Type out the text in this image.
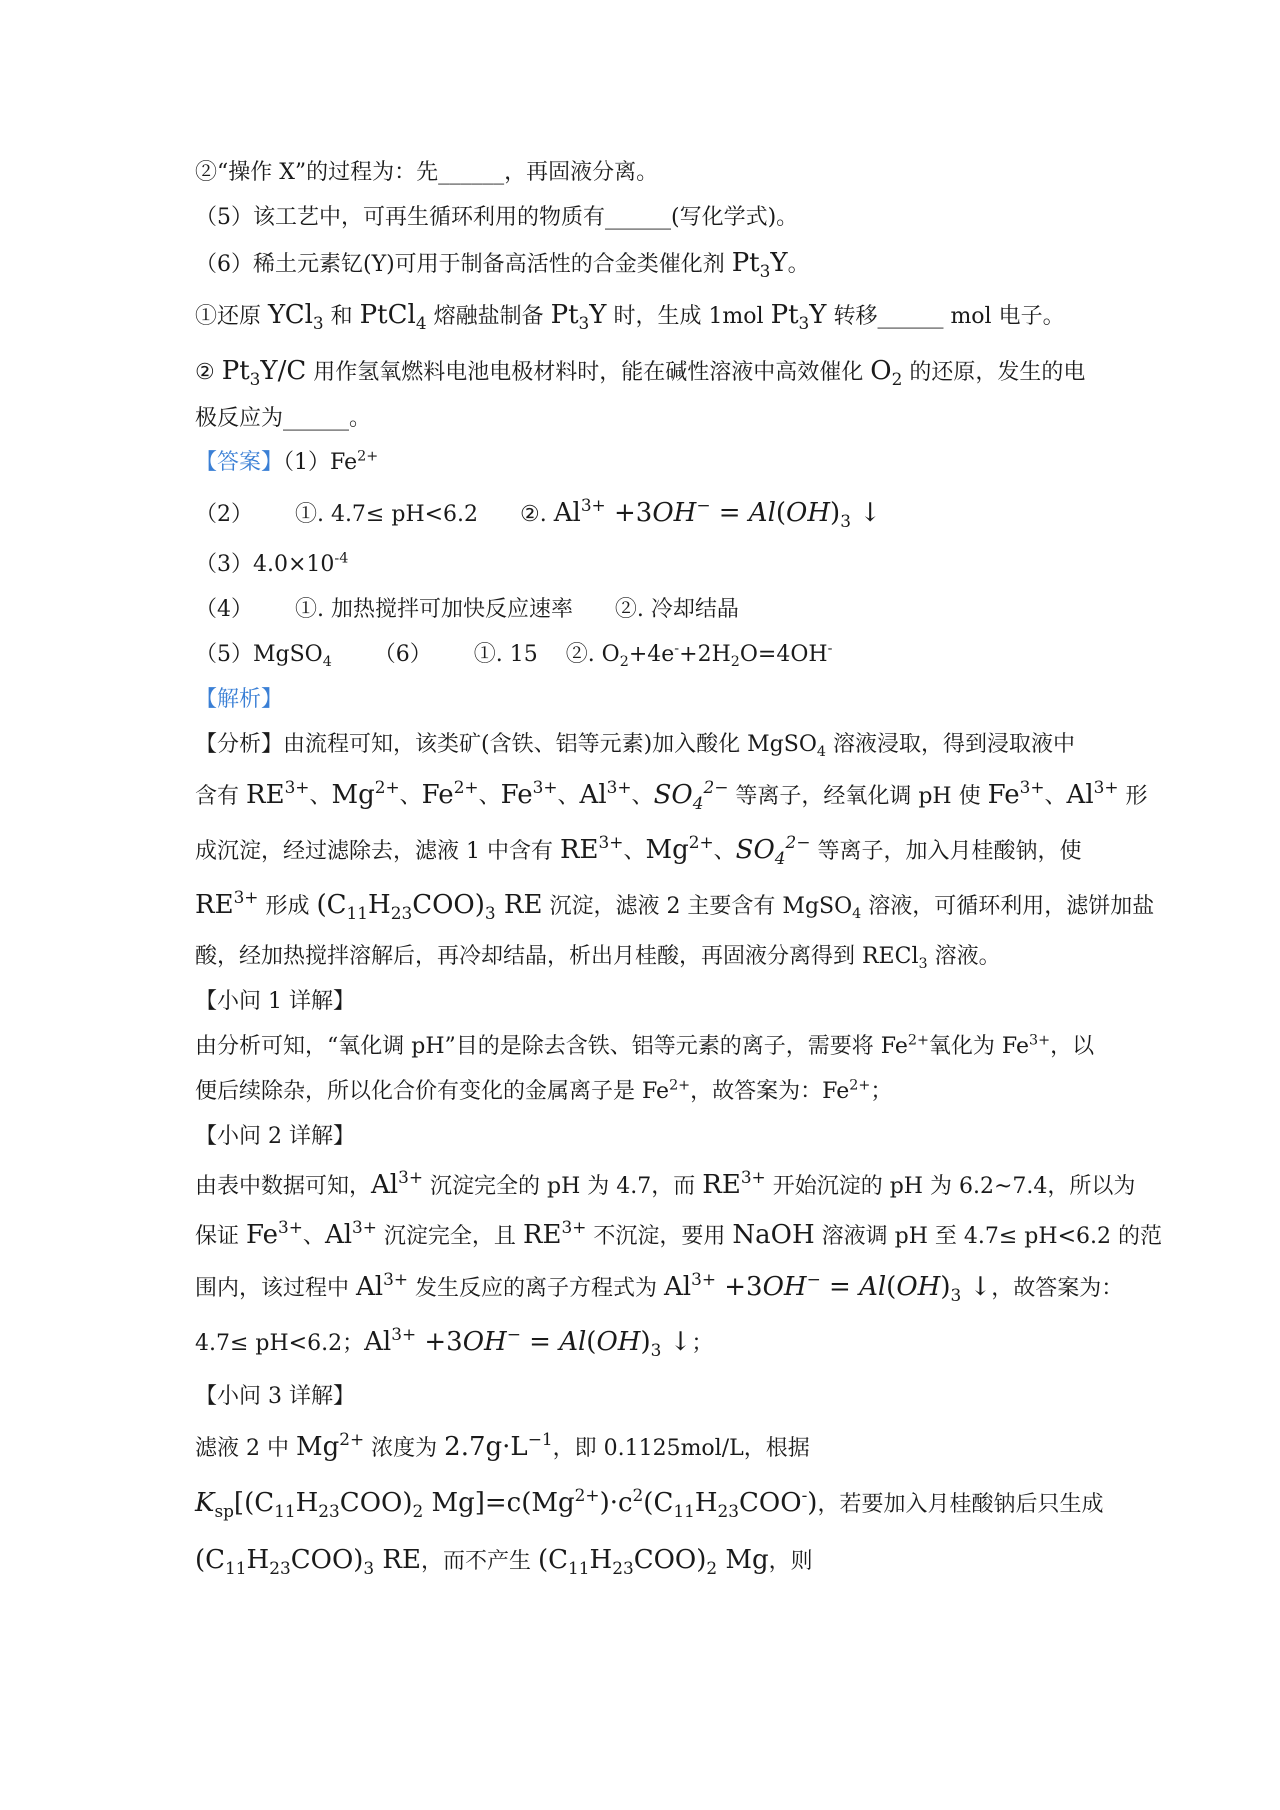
②“操作 X”的过程为：先______，再固液分离。
（5）该工艺中，可再生循环利用的物质有______(写化学式)。
（6）稀土元素钇(Y)可用于制备高活性的合金类催化剂 $Pt_3Y$。
①还原 YCl$_3$ 和 PtCl$_4$ 熔融盐制备 $Pt_3Y$ 时，生成 1mol $Pt_3Y$ 转移______ mol 电子。
② $Pt_3Y/C$ 用作氢氧燃料电池电极材料时，能在碱性溶液中高效催化 $O_2$ 的还原，发生的电
极反应为______。
【答案】$(1)Fe^{2+}$
（2）      ①. 4.7≤ pH<6.2      ②. $Al^{3+} +3OH^- = Al(OH)_3$ ↓
$(3)4.0\times 10^{-4}$
（4）      ①. 加热搅拌可加快反应速率      ②. 冷却结晶
（5）MgSO$_4$      （6）      ①. 15    ②. $O_2+4e^-+2H_2O=4OH^-$
【解析】
【分析】由流程可知，该类矿(含铁、铝等元素)加入酸化 MgSO$_4$ 溶液浸取，得到浸取液中
含有 $RE^{3+}$、$Mg^{2+}$、$Fe^{2+}$、$Fe^{3+}$、$Al^{3+}$、$SO_4^{2-}$ 等离子，经氧化调 pH 使 $Fe^{3+}$、$Al^{3+}$ 形
成沉淀，经过滤除去，滤液 1 中含有 $RE^{3+}$、$Mg^{2+}$、$SO_4^{2-}$ 等离子，加入月桂酸钠，使
$RE^{3+}$ 形成 $(C_{11}H_{23}COO)_3$ RE 沉淀，滤液 2 主要含有 MgSO$_4$ 溶液，可循环利用，滤饼加盐
酸，经加热搅拌溶解后，再冷却结晶，析出月桂酸，再固液分离得到 RECl$_3$ 溶液。
【小问 1 详解】
由分析可知，“氧化调 pH”目的是除去含铁、铝等元素的离子，需要将 $Fe^{2+}$氧化为 $Fe^{3+}$，以
便后续除杂，所以化合价有变化的金属离子是 $Fe^{2+}$，故答案为：$Fe^{2+}$；
【小问 2 详解】
由表中数据可知，$Al^{3+}$ 沉淀完全的 pH 为 4.7，而 $RE^{3+}$ 开始沉淀的 pH 为 6.2~7.4，所以为
保证 $Fe^{3+}$、$Al^{3+}$ 沉淀完全，且 $RE^{3+}$ 不沉淀，要用 NaOH 溶液调 pH 至 4.7≤ pH<6.2 的范
围内，该过程中 $Al^{3+}$ 发生反应的离子方程式为 $Al^{3+} +3OH^- = Al(OH)_3$ ↓，故答案为：
4.7≤ pH<6.2；$Al^{3+} +3OH^- = Al(OH)_3$ ↓；
【小问 3 详解】
滤液 2 中 $Mg^{2+}$ 浓度为 $2.7g\cdot L^{-1}$，即 0.1125mol/L，根据
$K_{sp}[(C_{11}H_{23}COO)_2$ $Mg]=c(Mg^{2+})\cdot c^2(C_{11}H_{23}COO^-)$，若要加入月桂酸钠后只生成
$(C_{11}H_{23}COO)_3$ RE，而不产生 $(C_{11}H_{23}COO)_2$ Mg，则
